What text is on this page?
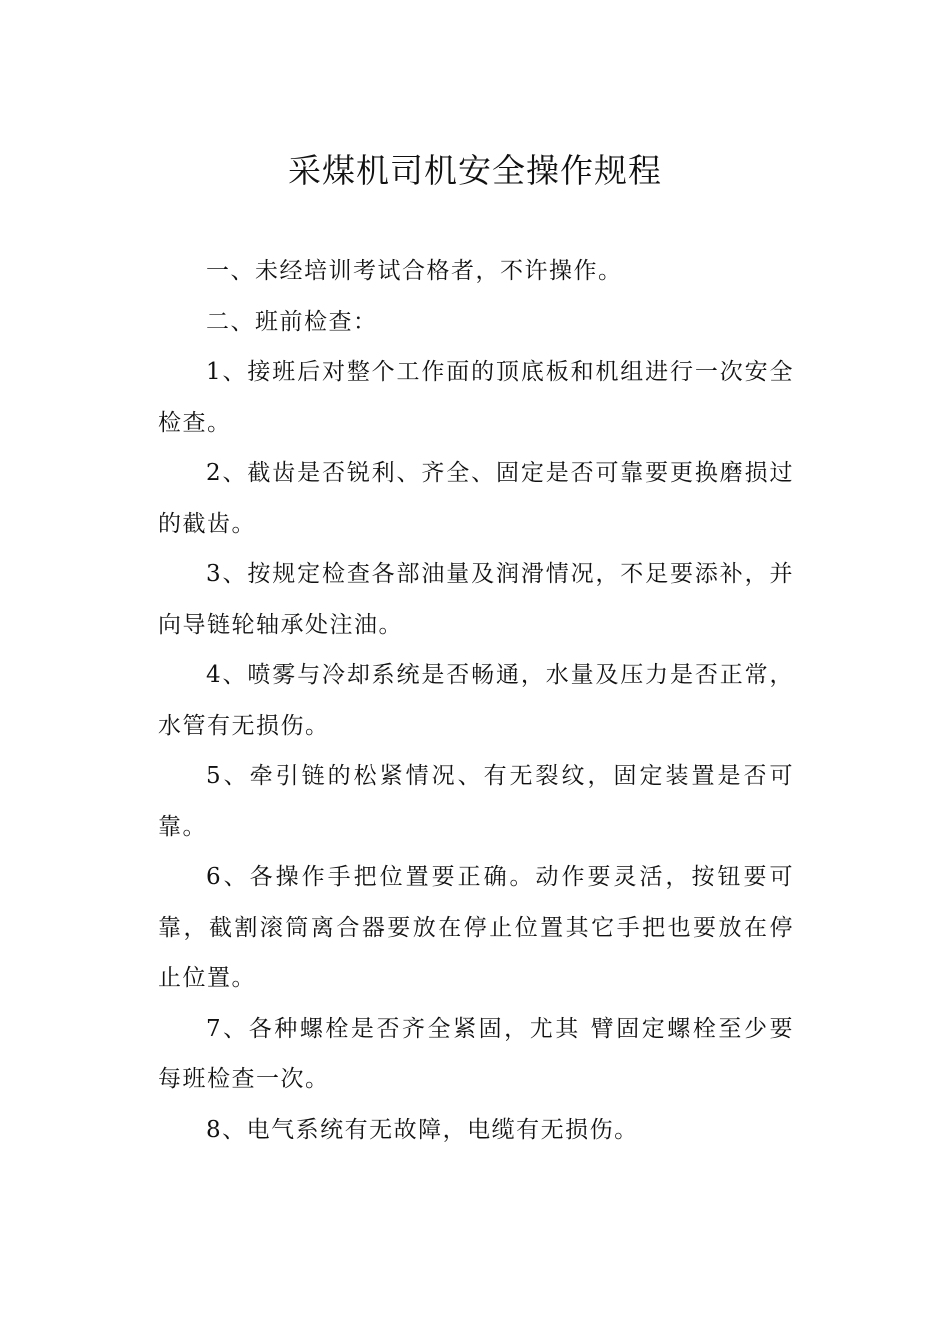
采煤机司机安全操作规程

一、未经培训考试合格者，不许操作。

二、班前检查：

1、接班后对整个工作面的顶底板和机组进行一次安全检查。

2、截齿是否锐利、齐全、固定是否可靠要更换磨损过的截齿。

3、按规定检查各部油量及润滑情况，不足要添补，并向导链轮轴承处注油。

4、喷雾与冷却系统是否畅通，水量及压力是否正常，水管有无损伤。

5、牵引链的松紧情况、有无裂纹，固定装置是否可靠。

6、各操作手把位置要正确。动作要灵活，按钮要可靠，截割滚筒离合器要放在停止位置其它手把也要放在停止位置。

7、各种螺栓是否齐全紧固，尤其 臂固定螺栓至少要每班检查一次。

8、电气系统有无故障，电缆有无损伤。
